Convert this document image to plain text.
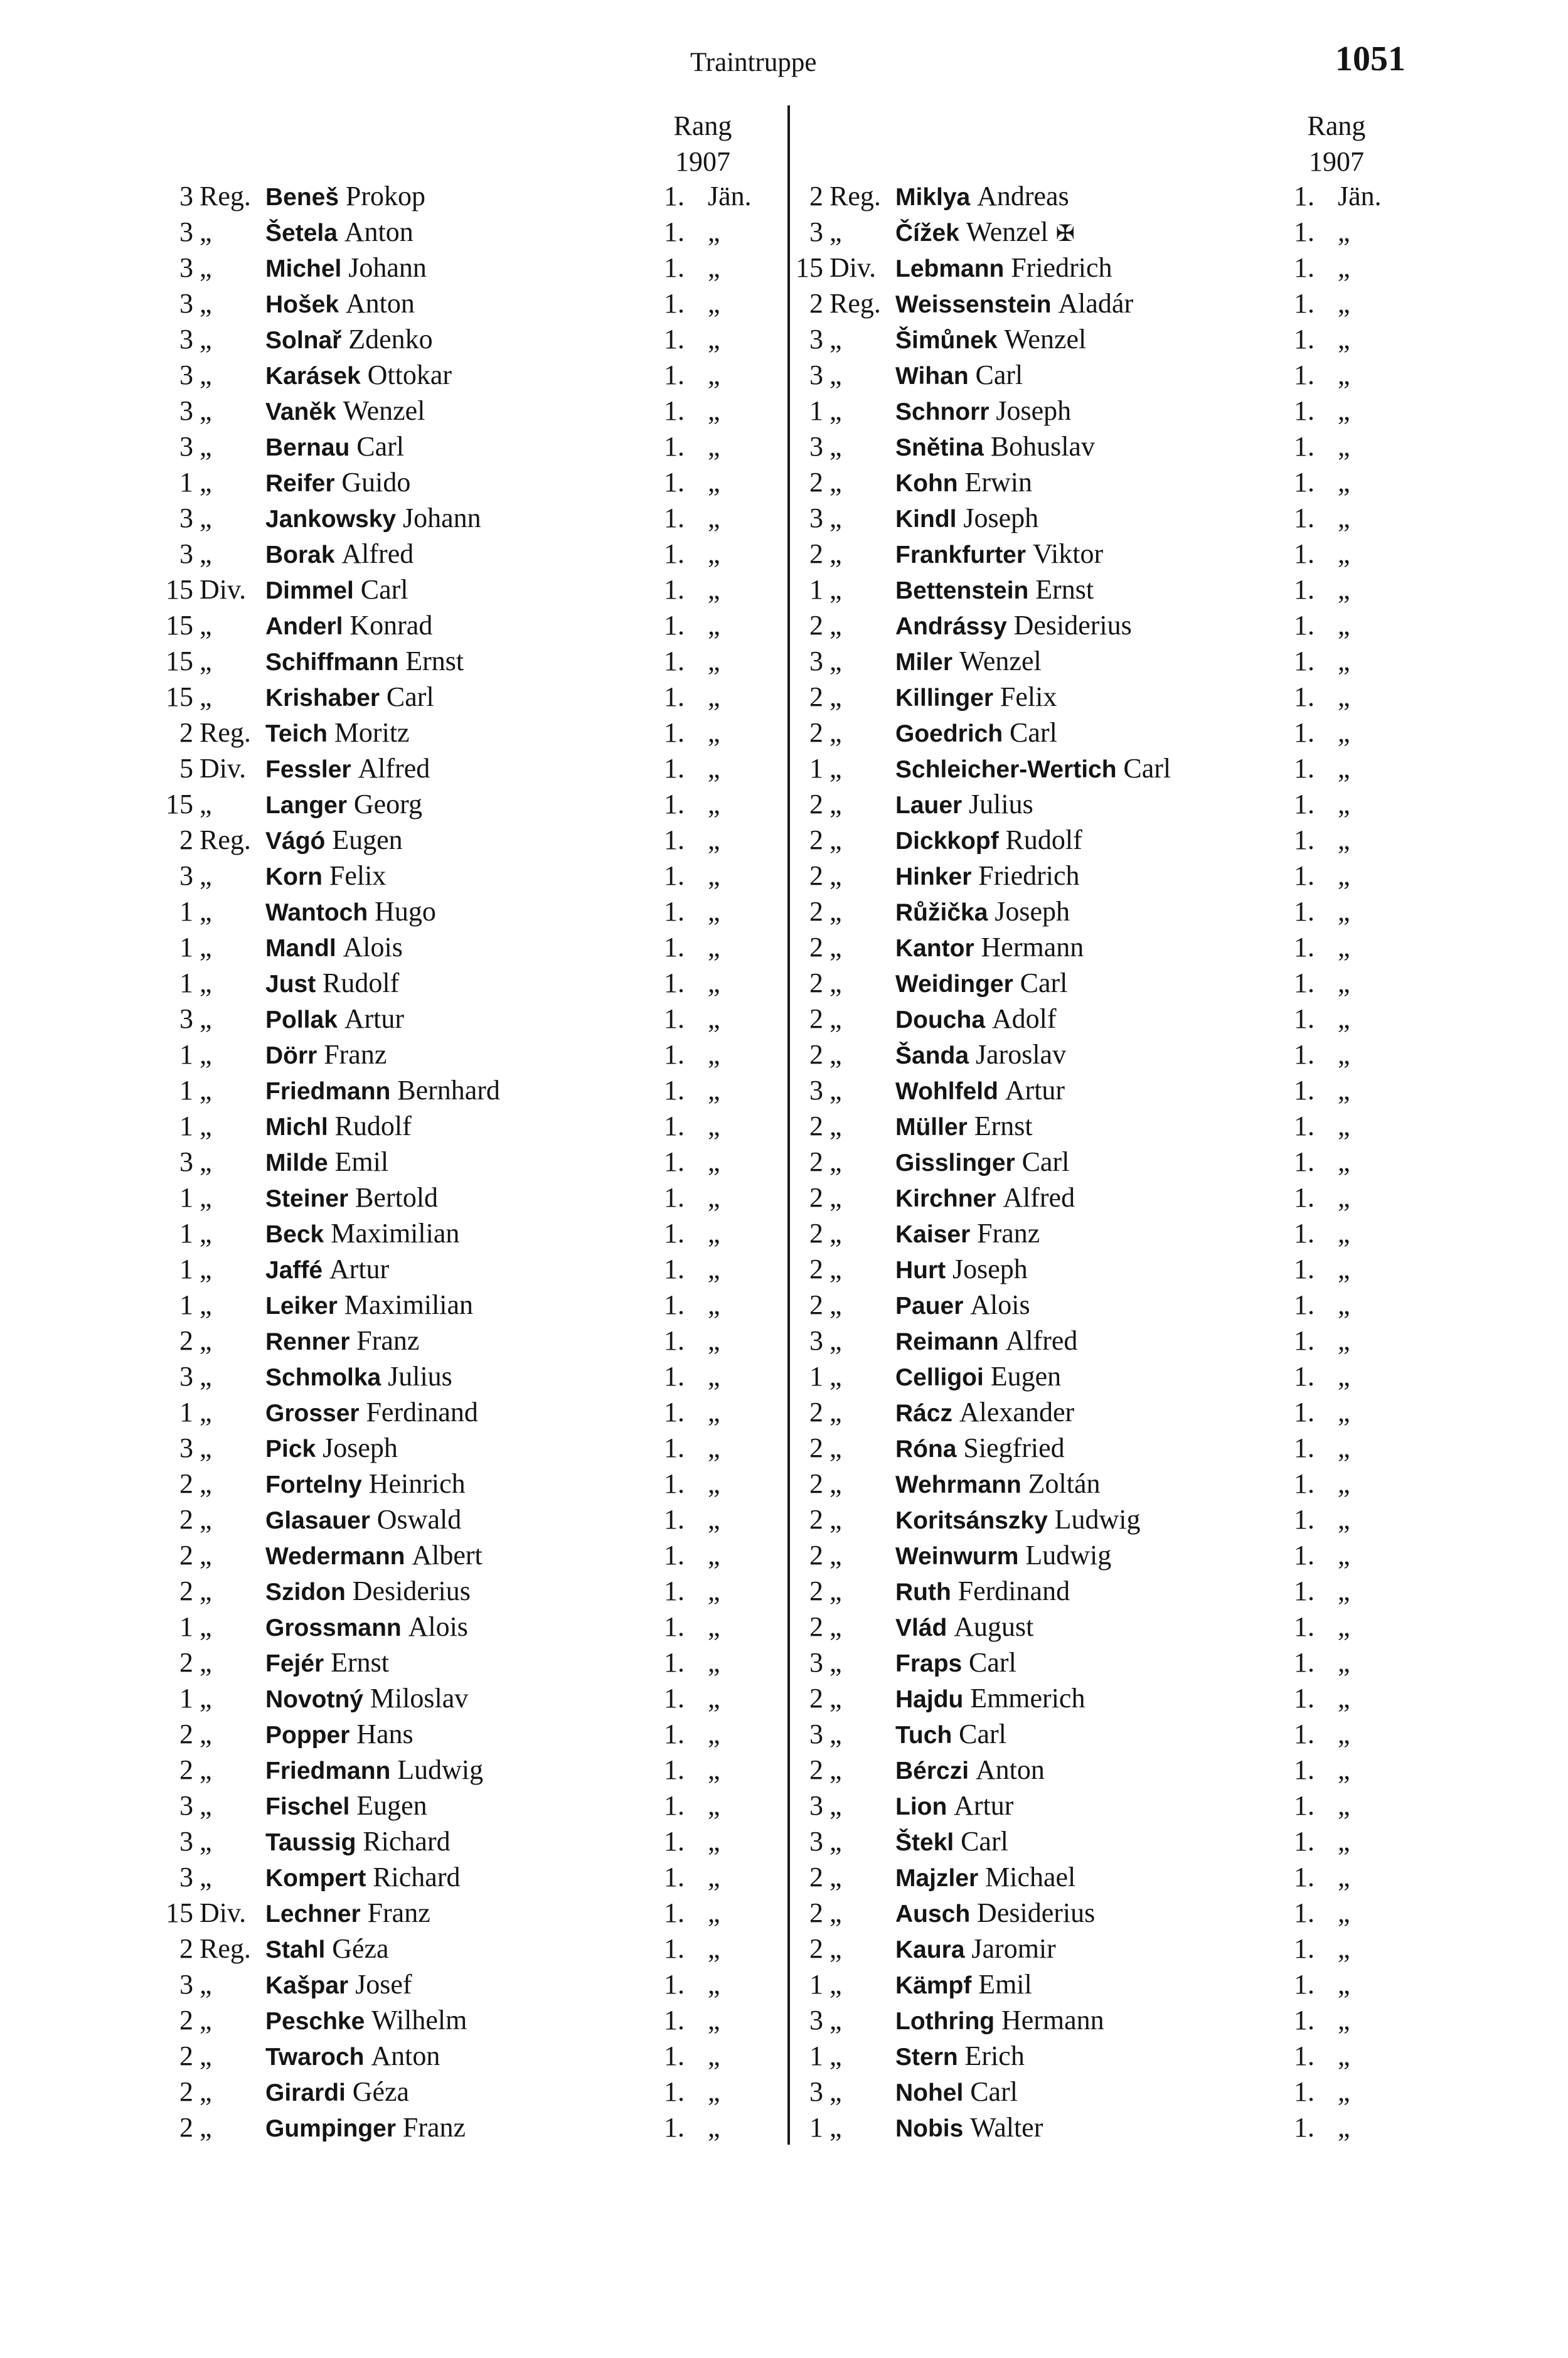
Traintruppe	1051
Rang
1907
Rang
1907
3 Reg. Beneš Prokop	1. Jän.
3 „	Šetela Anton	1. „
3 „	Michel Johann	1. „
3 „	Hošek Anton	1. „
3 „	Solnař Zdenko	1. „
3 „	Karásek Ottokar	1. „
3 „	Vaněk Wenzel	1. „
3 „	Bernau Carl	1. „
1 „	Reifer Guido	1. „
3 „	Jankowsky Johann	1. „
3 „	Borak Alfred	1. „
15 Div. Dimmel Carl	1. „
15 „	Anderl Konrad	1. „
15 „	Schiffmann Ernst	1. „
15 „	Krishaber Carl	1. „
2 Reg. Teich Moritz	1. „
5 Div. Fessler Alfred	1. „
15 „	Langer Georg	1. „
2 Reg. Vágó Eugen	1. „
3 „	Korn Felix	1. „
1 „	Wantoch Hugo	1. „
1 „	Mandl Alois	1. „
1 „	Just Rudolf	1. „
3 „	Pollak Artur	1. „
1 „	Dörr Franz	1. „
1 „	Friedmann Bernhard	1. „
1 „	Michl Rudolf	1. „
3 „	Milde Emil	1. „
1 „	Steiner Bertold	1. „
1 „	Beck Maximilian	1. „
1 „	Jaffé Artur	1. „
1 „	Leiker Maximilian	1. „
2 „	Renner Franz	1. „
3 „	Schmolka Julius	1. „
1 „	Grosser Ferdinand	1. „
3 „	Pick Joseph	1. „
2 „	Fortelny Heinrich	1. „
2 „	Glasauer Oswald	1. „
2 „	Wedermann Albert	1. „
2 „	Szidon Desiderius	1. „
1 „	Grossmann Alois	1. „
2 „	Fejér Ernst	1. „
1 „	Novotný Miloslav	1. „
2 „	Popper Hans	1. „
2 „	Friedmann Ludwig	1. „
3 „	Fischel Eugen	1. „
3 „	Taussig Richard	1. „
3 „	Kompert Richard	1. „
15 Div. Lechner Franz	1. „
2 Reg. Stahl Géza	1. „
3 „	Kašpar Josef	1. „
2 „	Peschke Wilhelm	1. „
2 „	Twaroch Anton	1. „
2 „	Girardi Géza	1. „
2 „	Gumpinger Franz	1. „
2 Reg. Miklya Andreas	1. Jän.
3 „	Čížek Wenzel ✠	1. „
15 Div. Lebmann Friedrich	1. „
2 Reg. Weissenstein Aladár	1. „
3 „	Šimůnek Wenzel	1. „
3 „	Wihan Carl	1. „
1 „	Schnorr Joseph	1. „
3 „	Snětina Bohuslav	1. „
2 „	Kohn Erwin	1. „
3 „	Kindl Joseph	1. „
2 „	Frankfurter Viktor	1. „
1 „	Bettenstein Ernst	1. „
2 „	Andrássy Desiderius	1. „
3 „	Miler Wenzel	1. „
2 „	Killinger Felix	1. „
2 „	Goedrich Carl	1. „
1 „	Schleicher-Wertich Carl	1. „
2 „	Lauer Julius	1. „
2 „	Dickkopf Rudolf	1. „
2 „	Hinker Friedrich	1. „
2 „	Růžička Joseph	1. „
2 „	Kantor Hermann	1. „
2 „	Weidinger Carl	1. „
2 „	Doucha Adolf	1. „
2 „	Šanda Jaroslav	1. „
3 „	Wohlfeld Artur	1. „
2 „	Müller Ernst	1. „
2 „	Gisslinger Carl	1. „
2 „	Kirchner Alfred	1. „
2 „	Kaiser Franz	1. „
2 „	Hurt Joseph	1. „
2 „	Pauer Alois	1. „
3 „	Reimann Alfred	1. „
1 „	Celligoi Eugen	1. „
2 „	Rácz Alexander	1. „
2 „	Róna Siegfried	1. „
2 „	Wehrmann Zoltán	1. „
2 „	Koritsánszky Ludwig	1. „
2 „	Weinwurm Ludwig	1. „
2 „	Ruth Ferdinand	1. „
2 „	Vlád August	1. „
3 „	Fraps Carl	1. „
2 „	Hajdu Emmerich	1. „
3 „	Tuch Carl	1. „
2 „	Bérczi Anton	1. „
3 „	Lion Artur	1. „
3 „	Štekl Carl	1. „
2 „	Majzler Michael	1. „
2 „	Ausch Desiderius	1. „
2 „	Kaura Jaromir	1. „
1 „	Kämpf Emil	1. „
3 „	Lothring Hermann	1. „
1 „	Stern Erich	1. „
3 „	Nohel Carl	1. „
1 „	Nobis Walter	1. „
